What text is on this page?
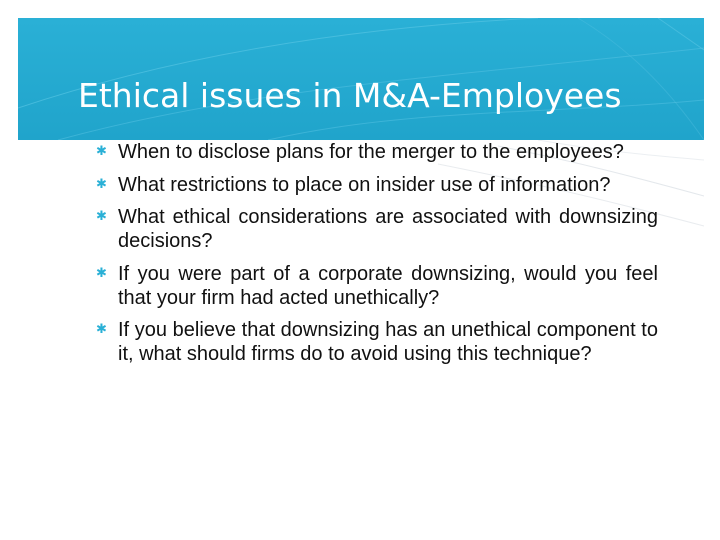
Ethical issues in M&A-Employees
✱ When to disclose plans for the merger to the employees?
✱ What restrictions to place on insider use of information?
✱ What ethical considerations are associated with downsizing decisions?
✱ If you were part of a corporate downsizing, would you feel that your firm had acted unethically?
✱ If you believe that downsizing has an unethical component to it, what should firms do to avoid using this technique?
